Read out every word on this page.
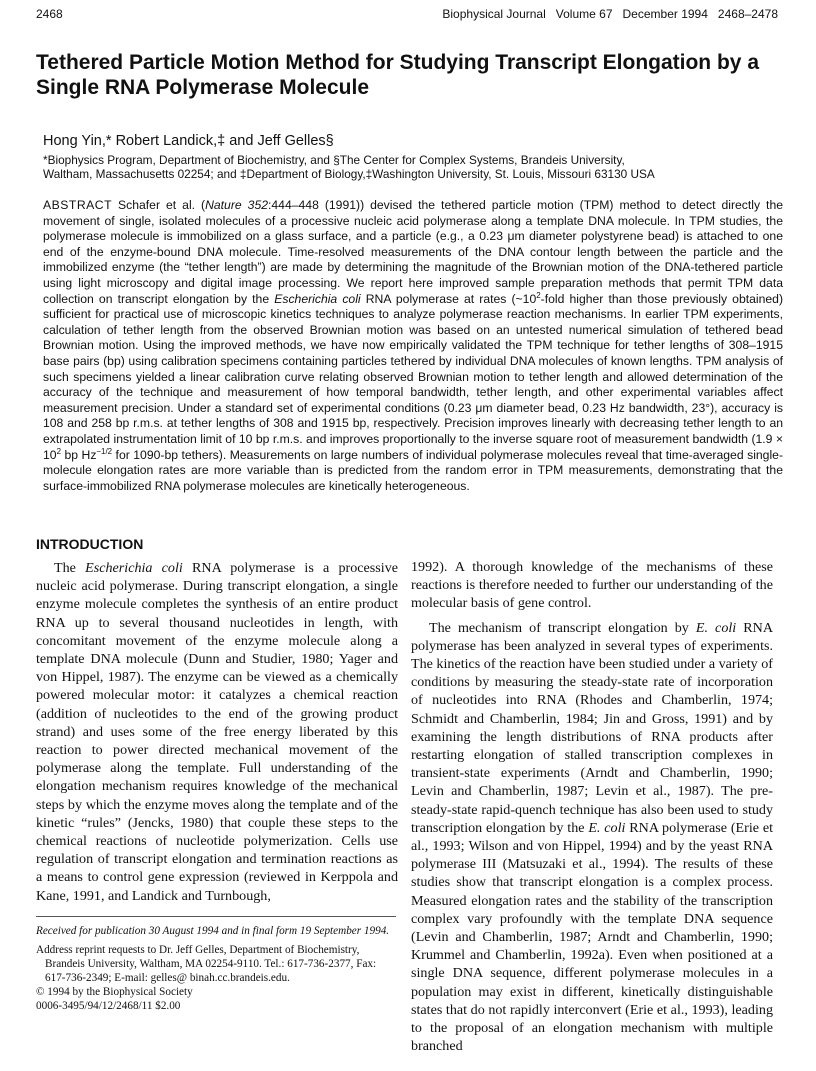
2468	Biophysical Journal Volume 67 December 1994 2468–2478
Tethered Particle Motion Method for Studying Transcript Elongation by a Single RNA Polymerase Molecule
Hong Yin,* Robert Landick,‡ and Jeff Gelles§
*Biophysics Program, Department of Biochemistry, and §The Center for Complex Systems, Brandeis University,
Waltham, Massachusetts 02254; and ‡Department of Biology,‡Washington University, St. Louis, Missouri 63130 USA

ABSTRACT Schafer et al. (Nature 352:444–448 (1991)) devised the tethered particle motion (TPM) method to detect directly the movement of single, isolated molecules of a processive nucleic acid polymerase along a template DNA molecule. In TPM studies, the polymerase molecule is immobilized on a glass surface, and a particle (e.g., a 0.23 μm diameter polystyrene bead) is attached to one end of the enzyme-bound DNA molecule. Time-resolved measurements of the DNA contour length between the particle and the immobilized enzyme (the “tether length”) are made by determining the magnitude of the Brownian motion of the DNA-tethered particle using light microscopy and digital image processing. We report here improved sample preparation methods that permit TPM data collection on transcript elongation by the Escherichia coli RNA polymerase at rates ($\sim 10^2$-fold higher than those previously obtained) sufficient for practical use of microscopic kinetics techniques to analyze polymerase reaction mechanisms. In earlier TPM experiments, calculation of tether length from the observed Brownian motion was based on an untested numerical simulation of tethered bead Brownian motion. Using the improved methods, we have now empirically validated the TPM technique for tether lengths of 308–1915 base pairs (bp) using calibration specimens containing particles tethered by individual DNA molecules of known lengths. TPM analysis of such specimens yielded a linear calibration curve relating observed Brownian motion to tether length and allowed determination of the accuracy of the technique and measurement of how temporal bandwidth, tether length, and other experimental variables affect measurement precision. Under a standard set of experimental conditions (0.23 μm diameter bead, 0.23 Hz bandwidth, 23°), accuracy is 108 and 258 bp r.m.s. at tether lengths of 308 and 1915 bp, respectively. Precision improves linearly with decreasing tether length to an extrapolated instrumentation limit of 10 bp r.m.s. and improves proportionally to the inverse square root of measurement bandwidth ($1.9 \times 10^2$ bp $Hz^{-1/2}$ for 1090-bp tethers). Measurements on large numbers of individual polymerase molecules reveal that time-averaged single-molecule elongation rates are more variable than is predicted from the random error in TPM measurements, demonstrating that the surface-immobilized RNA polymerase molecules are kinetically heterogeneous.

INTRODUCTION

The Escherichia coli RNA polymerase is a processive nucleic acid polymerase. During transcript elongation, a single enzyme molecule completes the synthesis of an entire product RNA up to several thousand nucleotides in length, with concomitant movement of the enzyme molecule along a template DNA molecule (Dunn and Studier, 1980; Yager and von Hippel, 1987). The enzyme can be viewed as a chemically powered molecular motor: it catalyzes a chemical reaction (addition of nucleotides to the end of the growing product strand) and uses some of the free energy liberated by this reaction to power directed mechanical movement of the polymerase along the template. Full understanding of the elongation mechanism requires knowledge of the mechanical steps by which the enzyme moves along the template and of the kinetic “rules” (Jencks, 1980) that couple these steps to the chemical reactions of nucleotide polymerization. Cells use regulation of transcript elongation and termination reactions as a means to control gene expression (reviewed in Kerppola and Kane, 1991, and Landick and Turnbough,

Received for publication 30 August 1994 and in final form 19 September 1994.

Address reprint requests to Dr. Jeff Gelles, Department of Biochemistry, Brandeis University, Waltham, MA 02254-9110. Tel.: 617-736-2377, Fax: 617-736-2349; E-mail: gelles@ binah.cc.brandeis.edu.

© 1994 by the Biophysical Society

0006-3495/94/12/2468/11 $2.00

1992). A thorough knowledge of the mechanisms of these reactions is therefore needed to further our understanding of the molecular basis of gene control.

The mechanism of transcript elongation by E. coli RNA polymerase has been analyzed in several types of experiments. The kinetics of the reaction have been studied under a variety of conditions by measuring the steady-state rate of incorporation of nucleotides into RNA (Rhodes and Chamberlin, 1974; Schmidt and Chamberlin, 1984; Jin and Gross, 1991) and by examining the length distributions of RNA products after restarting elongation of stalled transcription complexes in transient-state experiments (Arndt and Chamberlin, 1990; Levin and Chamberlin, 1987; Levin et al., 1987). The pre-steady-state rapid-quench technique has also been used to study transcription elongation by the E. coli RNA polymerase (Erie et al., 1993; Wilson and von Hippel, 1994) and by the yeast RNA polymerase III (Matsuzaki et al., 1994). The results of these studies show that transcript elongation is a complex process. Measured elongation rates and the stability of the transcription complex vary profoundly with the template DNA sequence (Levin and Chamberlin, 1987; Arndt and Chamberlin, 1990; Krummel and Chamberlin, 1992a). Even when positioned at a single DNA sequence, different polymerase molecules in a population may exist in different, kinetically distinguishable states that do not rapidly interconvert (Erie et al., 1993), leading to the proposal of an elongation mechanism with multiple branched
